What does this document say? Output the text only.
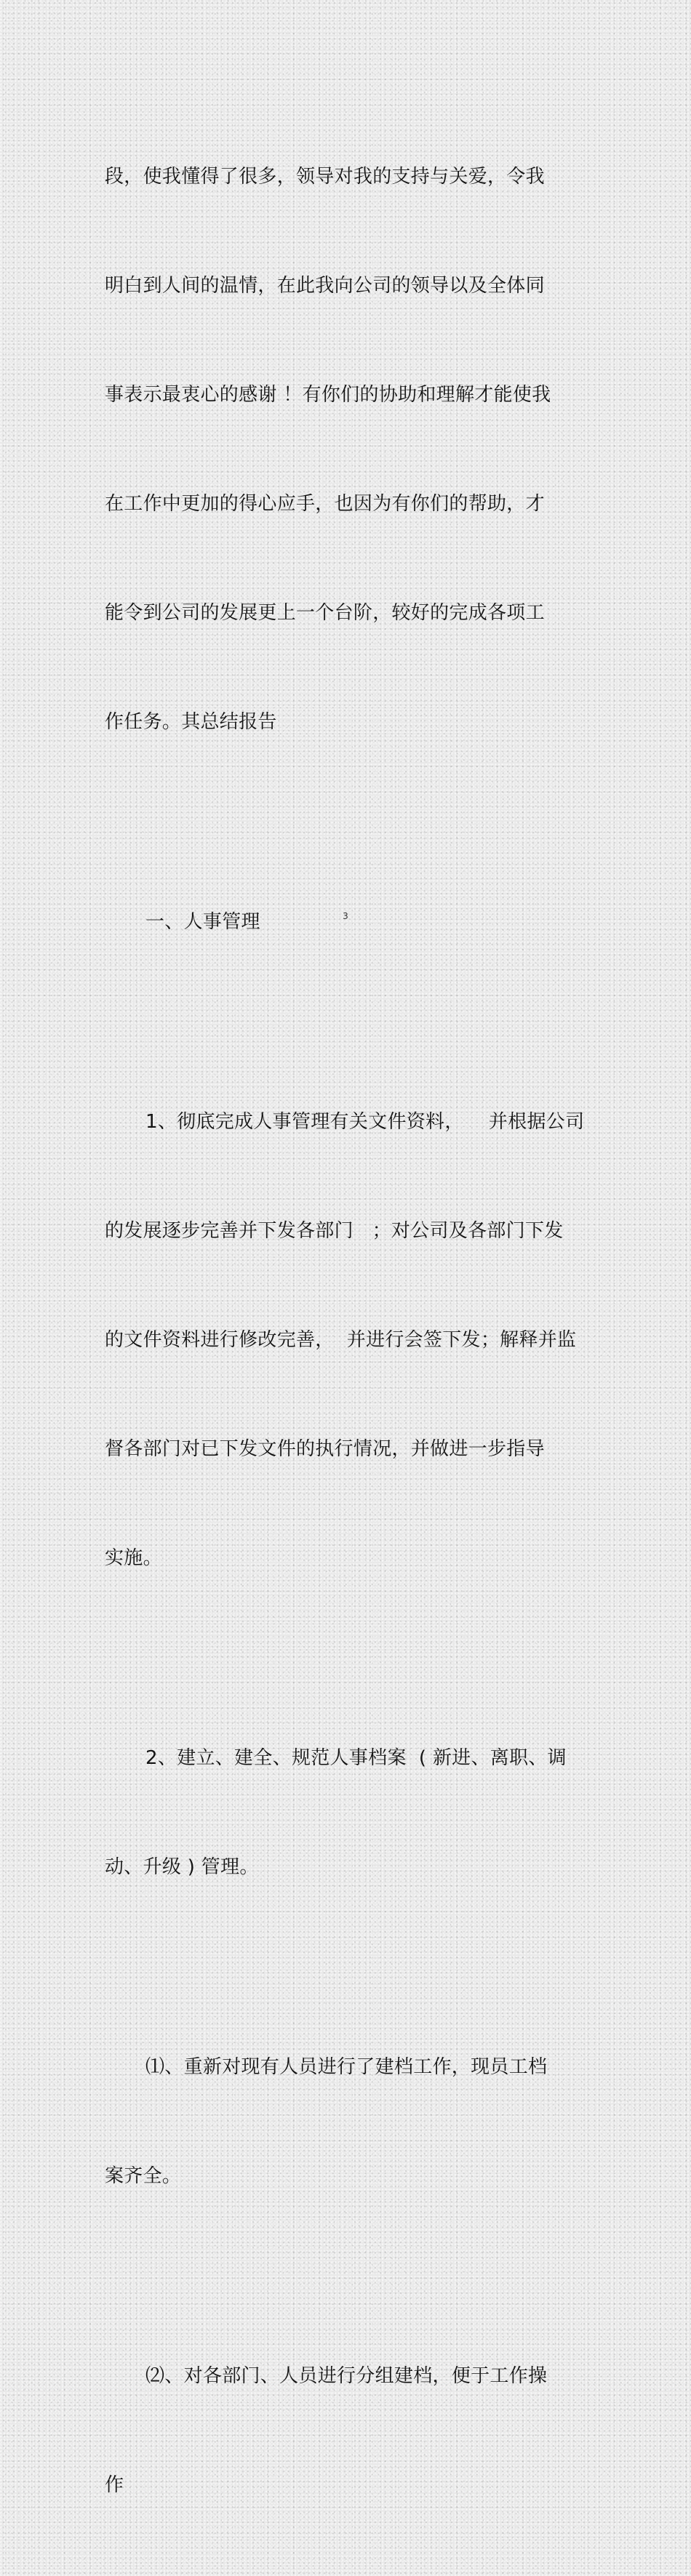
段，使我懂得了很多，领导对我的支持与关爱，令我

明白到人间的温情，在此我向公司的领导以及全体同

事表示最衷心的感谢 ！有你们的协助和理解才能使我

在工作中更加的得心应手，也因为有你们的帮助，才

能令到公司的发展更上一个台阶，较好的完成各项工

作任务。其总结报告

一、人事管理

1、彻底完成人事管理有关文件资料，    并根据公司

的发展逐步完善并下发各部门   ；对公司及各部门下发

的文件资料进行修改完善，  并进行会签下发；解释并监

督各部门对已下发文件的执行情况，并做进一步指导

实施。

2、建立、建全、规范人事档案  ( 新进、离职、调

动、升级 ) 管理。

⑴、重新对现有人员进行了建档工作，现员工档

案齐全。

⑵、对各部门、人员进行分组建档，便于工作操

作

3
